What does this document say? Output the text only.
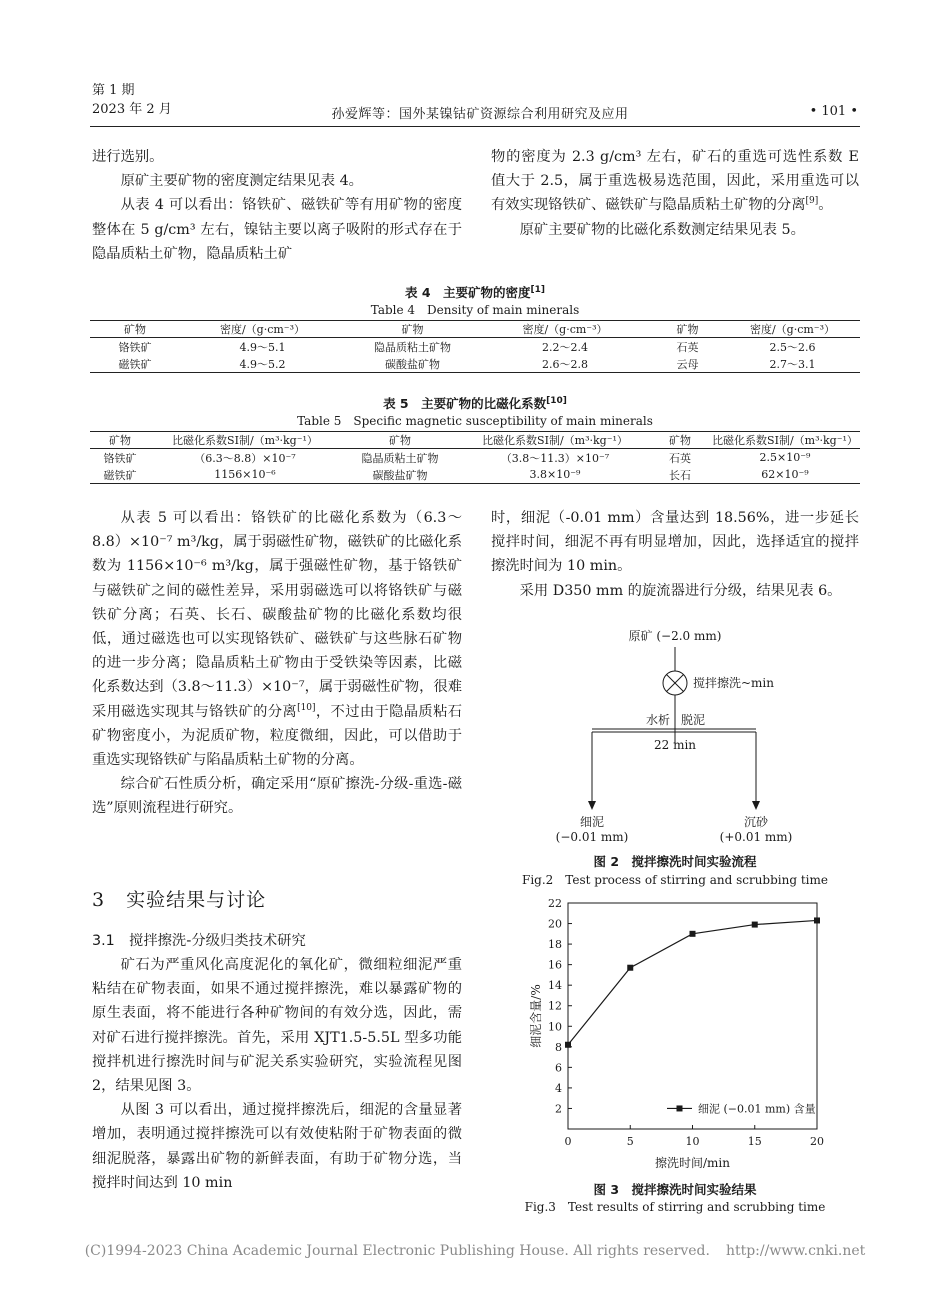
第 1 期
2023 年 2 月	孙爱辉等：国外某镍钴矿资源综合利用研究及应用	• 101 •

进行选别。

原矿主要矿物的密度测定结果见表 4。

从表 4 可以看出：铬铁矿、磁铁矿等有用矿物的密度整体在 5 g/cm³ 左右，镍钴主要以离子吸附的形式存在于隐晶质粘土矿物，隐晶质粘土矿

物的密度为 2.3 g/cm³ 左右，矿石的重选可选性系数 E 值大于 2.5，属于重选极易选范围，因此，采用重选可以有效实现铬铁矿、磁铁矿与隐晶质粘土矿物的分离[9]。

原矿主要矿物的比磁化系数测定结果见表 5。

表 4　主要矿物的密度[1]
Table 4　Density of main minerals
矿物	密度/（g·cm⁻³）	矿物	密度/（g·cm⁻³）	矿物	密度/（g·cm⁻³）
铬铁矿	4.9～5.1	隐晶质粘土矿物	2.2～2.4	石英	2.5～2.6
磁铁矿	4.9～5.2	碳酸盐矿物	2.6～2.8	云母	2.7～3.1
表 5　主要矿物的比磁化系数[10]
Table 5　Specific magnetic susceptibility of main minerals
矿物	比磁化系数SI制/（m³·kg⁻¹）	矿物	比磁化系数SI制/（m³·kg⁻¹）	矿物	比磁化系数SI制/（m³·kg⁻¹）
铬铁矿	（6.3～8.8）×10⁻⁷	隐晶质粘土矿物	（3.8～11.3）×10⁻⁷	石英	2.5×10⁻⁹
磁铁矿	1156×10⁻⁶	碳酸盐矿物	3.8×10⁻⁹	长石	62×10⁻⁹

从表 5 可以看出：铬铁矿的比磁化系数为（6.3～8.8）×10⁻⁷ m³/kg，属于弱磁性矿物，磁铁矿的比磁化系数为 1156×10⁻⁶ m³/kg，属于强磁性矿物，基于铬铁矿与磁铁矿之间的磁性差异，采用弱磁选可以将铬铁矿与磁铁矿分离；石英、长石、碳酸盐矿物的比磁化系数均很低，通过磁选也可以实现铬铁矿、磁铁矿与这些脉石矿物的进一步分离；隐晶质粘土矿物由于受铁染等因素，比磁化系数达到（3.8～11.3）×10⁻⁷，属于弱磁性矿物，很难采用磁选实现其与铬铁矿的分离[10]，不过由于隐晶质粘石矿物密度小，为泥质矿物，粒度微细，因此，可以借助于重选实现铬铁矿与陷晶质粘土矿物的分离。

综合矿石性质分析，确定采用“原矿擦洗-分级-重选-磁选”原则流程进行研究。

3 实验结果与讨论
3.1　搅拌擦洗-分级归类技术研究

矿石为严重风化高度泥化的氧化矿，微细粒细泥严重粘结在矿物表面，如果不通过搅拌擦洗，难以暴露矿物的原生表面，将不能进行各种矿物间的有效分选，因此，需对矿石进行搅拌擦洗。首先，采用 XJT1.5-5.5L 型多功能搅拌机进行擦洗时间与矿泥关系实验研究，实验流程见图 2，结果见图 3。

从图 3 可以看出，通过搅拌擦洗后，细泥的含量显著增加，表明通过搅拌擦洗可以有效使粘附于矿物表面的微细泥脱落，暴露出矿物的新鲜表面，有助于矿物分选，当搅拌时间达到 10 min

时，细泥（-0.01 mm）含量达到 18.56%，进一步延长搅拌时间，细泥不再有明显增加，因此，选择适宜的搅拌擦洗时间为 10 min。

采用 D350 mm 的旋流器进行分级，结果见表 6。

原矿 (−2.0 mm)
搅拌擦洗~min
水析 脱泥
22 min
细泥
(−0.01 mm)
沉砂
(+0.01 mm)
图 2　搅拌擦洗时间实验流程
Fig.2　Test process of stirring and scrubbing time
2
4
6
8
10
12
14
16
18
20
22
0	5	10	15	20
擦洗时间/min
细泥含量/%
细泥 (−0.01 mm) 含量
图 3　搅拌擦洗时间实验结果
Fig.3　Test results of stirring and scrubbing time
(C)1994-2023 China Academic Journal Electronic Publishing House. All rights reserved. http://www.cnki.net
